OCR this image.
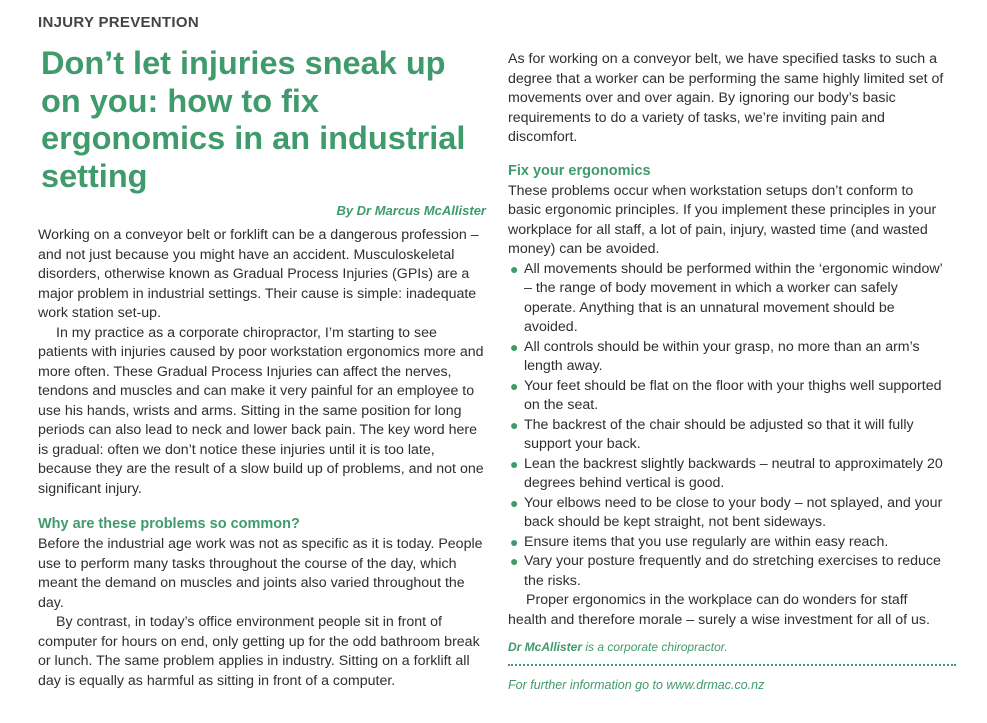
INJURY PREVENTION
Don’t let injuries sneak up on you: how to fix ergonomics in an industrial setting
By Dr Marcus McAllister

Working on a conveyor belt or forklift can be a dangerous profession – and not just because you might have an accident. Musculoskeletal disorders, otherwise known as Gradual Process Injuries (GPIs) are a major problem in industrial settings. Their cause is simple: inadequate work station set-up.

In my practice as a corporate chiropractor, I’m starting to see patients with injuries caused by poor workstation ergonomics more and more often. These Gradual Process Injuries can affect the nerves, tendons and muscles and can make it very painful for an employee to use his hands, wrists and arms. Sitting in the same position for long periods can also lead to neck and lower back pain. The key word here is gradual: often we don’t notice these injuries until it is too late, because they are the result of a slow build up of problems, and not one significant injury.

Why are these problems so common?

Before the industrial age work was not as specific as it is today. People use to perform many tasks throughout the course of the day, which meant the demand on muscles and joints also varied throughout the day.

By contrast, in today’s office environment people sit in front of computer for hours on end, only getting up for the odd bathroom break or lunch. The same problem applies in industry. Sitting on a forklift all day is equally as harmful as sitting in front of a computer.

As for working on a conveyor belt, we have specified tasks to such a degree that a worker can be performing the same highly limited set of movements over and over again. By ignoring our body’s basic requirements to do a variety of tasks, we’re inviting pain and discomfort.

Fix your ergonomics

These problems occur when workstation setups don’t conform to basic ergonomic principles. If you implement these principles in your workplace for all staff, a lot of pain, injury, wasted time (and wasted money) can be avoided.

● All movements should be performed within the ‘ergonomic window’ – the range of body movement in which a worker can safely operate. Anything that is an unnatural movement should be avoided.
● All controls should be within your grasp, no more than an arm’s length away.
● Your feet should be flat on the floor with your thighs well supported on the seat.
● The backrest of the chair should be adjusted so that it will fully support your back.
● Lean the backrest slightly backwards – neutral to approximately 20 degrees behind vertical is good.
● Your elbows need to be close to your body – not splayed, and your back should be kept straight, not bent sideways.
● Ensure items that you use regularly are within easy reach.
● Vary your posture frequently and do stretching exercises to reduce the risks.

Proper ergonomics in the workplace can do wonders for staff health and therefore morale – surely a wise investment for all of us.

Dr McAllister is a corporate chiropractor.
For further information go to www.drmac.co.nz
